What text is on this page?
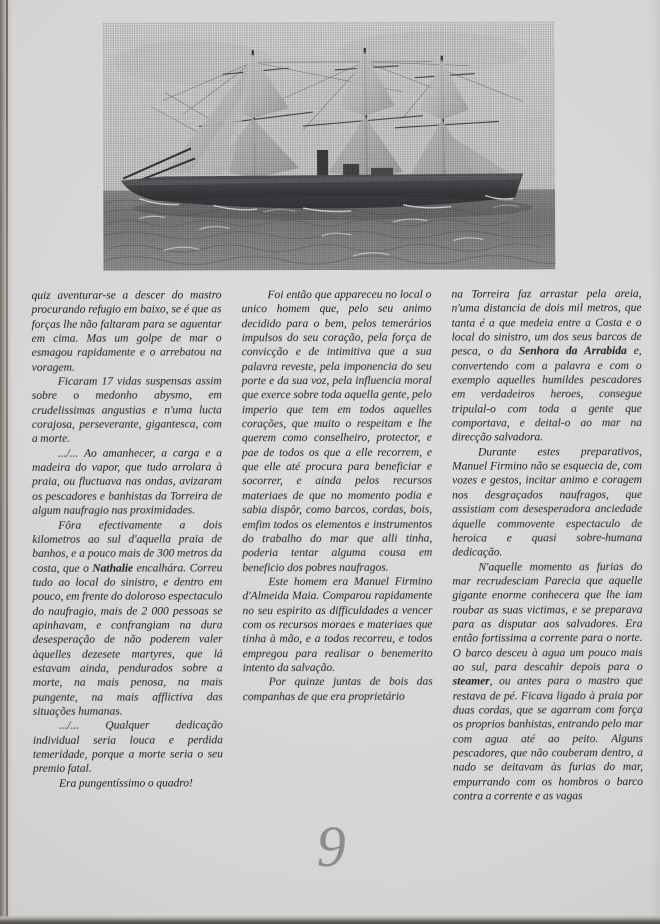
quiz aventurar-se a descer do mastro procurando refugio em baixo, se é que as forças lhe não faltaram para se aguentar em cima. Mas um golpe de mar o esmagou rapidamente e o arrebatou na voragem.

Ficaram 17 vidas suspensas assim sobre o medonho abysmo, em crudelissimas angustias e n'uma lucta corajosa, perseverante, gigantesca, com a morte.

.../... Ao amanhecer, a carga e a madeira do vapor, que tudo arrolara à praia, ou fluctuava nas ondas, avizaram os pescadores e banhistas da Torreira de algum naufragio nas proximidades.

Fôra efectivamente a dois kilometros ao sul d'aquella praia de banhos, e a pouco mais de 300 metros da costa, que o Nathalie encalhára. Correu tudo ao local do sinistro, e dentro em pouco, em frente do doloroso espectaculo do naufragio, mais de 2 000 pessoas se apinhavam, e confrangiam na dura desesperação de não poderem valer àquelles dezesete martyres, que lá estavam ainda, pendurados sobre a morte, na mais penosa, na mais pungente, na mais afflictiva das situações humanas.

.../... Qualquer dedicação individual seria louca e perdida temeridade, porque a morte seria o seu premio fatal.

Era pungentíssimo o quadro!

Foi então que appareceu no local o unico homem que, pelo seu animo decidido para o bem, pelos temerários impulsos do seu coração, pela força de convicção e de intimitiva que a sua palavra reveste, pela imponencia do seu porte e da sua voz, pela influencia moral que exerce sobre toda aquella gente, pelo imperio que tem em todos aquelles corações, que muito o respeitam e lhe querem como conselheiro, protector, e pae de todos os que a elle recorrem, e que elle até procura para beneficiar e socorrer, e ainda pelos recursos materiaes de que no momento podia e sabia dispôr, como barcos, cordas, bois, emfim todos os elementos e instrumentos do trabalho do mar que alli tinha, poderia tentar alguma cousa em beneficio dos pobres naufragos.

Este homem era Manuel Firmino d'Almeida Maia. Comparou rapidamente no seu espirito as difficuldades a vencer com os recursos moraes e materiaes que tinha à mão, e a todos recorreu, e todos empregou para realisar o benemerito intento da salvação.

Por quinze juntas de bois das companhas de que era proprietário

na Torreira faz arrastar pela areia, n'uma distancia de dois mil metros, que tanta é a que medeia entre a Costa e o local do sinistro, um dos seus barcos de pesca, o da Senhora da Arrabida e, convertendo com a palavra e com o exemplo aquelles humildes pescadores em verdadeiros heroes, consegue tripulal-o com toda a gente que comportava, e deital-o ao mar na direcção salvadora.

Durante estes preparativos, Manuel Firmino não se esquecia de, com vozes e gestos, incitar animo e coragem nos desgraçados naufragos, que assistiam com desesperadora anciedade áquelle commovente espectaculo de heroica e quasi sobre-humana dedicação.

N'aquelle momento as furias do mar recrudesciam Parecia que aquelle gigante enorme conhecera que lhe iam roubar as suas victimas, e se preparava para as disputar aos salvadores. Era então fortissima a corrente para o norte. O barco desceu à agua um pouco mais ao sul, para descahir depois para o steamer, ou antes para o mastro que restava de pé. Ficava ligado à praia por duas cordas, que se agarram com força os proprios banhistas, entrando pelo mar com agua até ao peito. Alguns pescadores, que não couberam dentro, a nado se deitavam às furias do mar, empurrando com os hombros o barco contra a corrente e as vagas

9
